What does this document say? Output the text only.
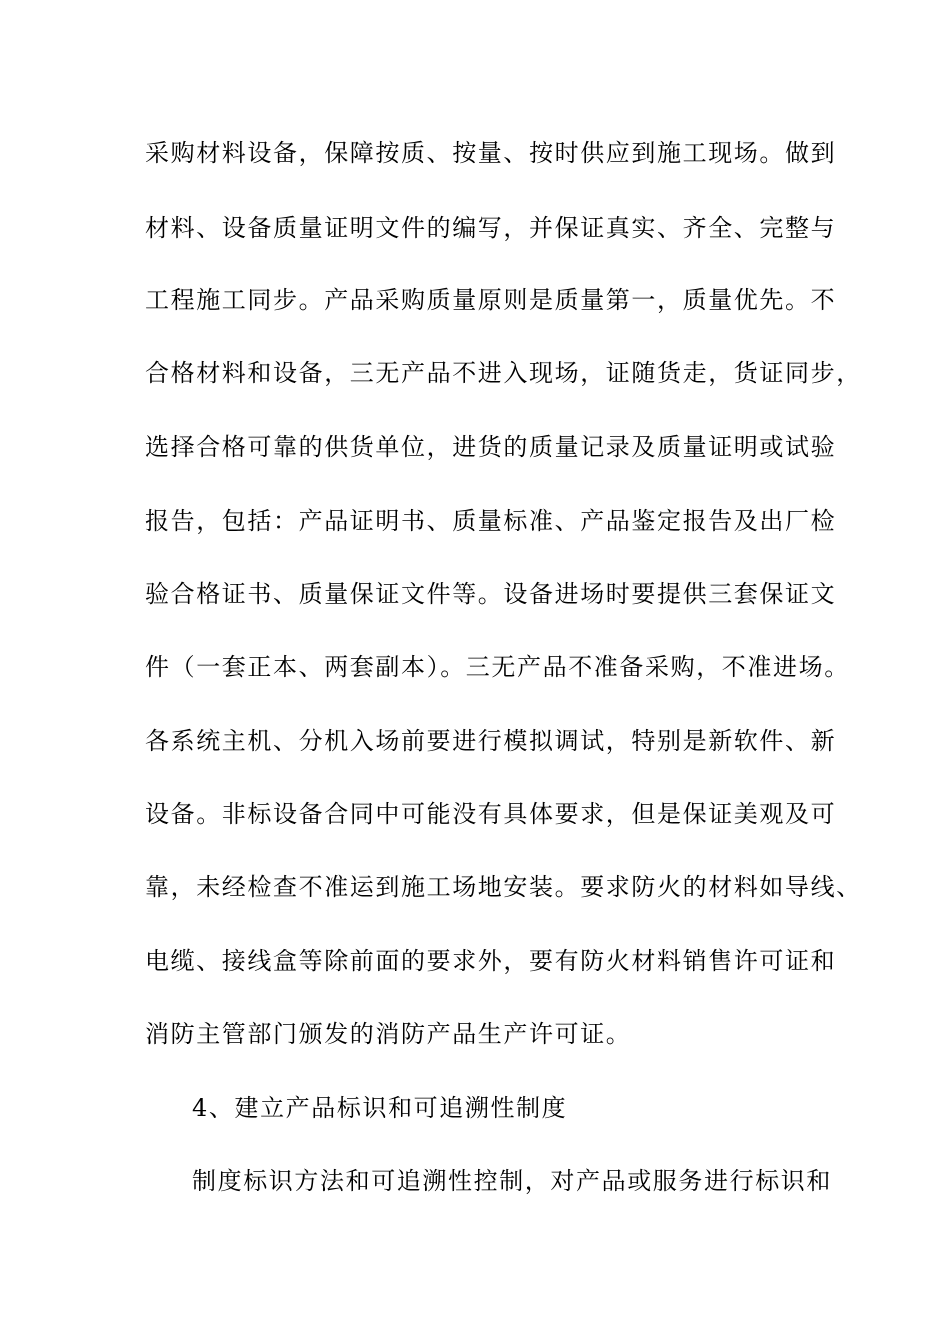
采购材料设备，保障按质、按量、按时供应到施工现场。做到
材料、设备质量证明文件的编写，并保证真实、齐全、完整与
工程施工同步。产品采购质量原则是质量第一，质量优先。不
合格材料和设备，三无产品不进入现场，证随货走，货证同步，
选择合格可靠的供货单位，进货的质量记录及质量证明或试验
报告，包括：产品证明书、质量标准、产品鉴定报告及出厂检
验合格证书、质量保证文件等。设备进场时要提供三套保证文
件（一套正本、两套副本）。三无产品不准备采购，不准进场。
各系统主机、分机入场前要进行模拟调试，特别是新软件、新
设备。非标设备合同中可能没有具体要求，但是保证美观及可
靠，未经检查不准运到施工场地安装。要求防火的材料如导线、
电缆、接线盒等除前面的要求外，要有防火材料销售许可证和
消防主管部门颁发的消防产品生产许可证。
4、建立产品标识和可追溯性制度
制度标识方法和可追溯性控制，对产品或服务进行标识和
